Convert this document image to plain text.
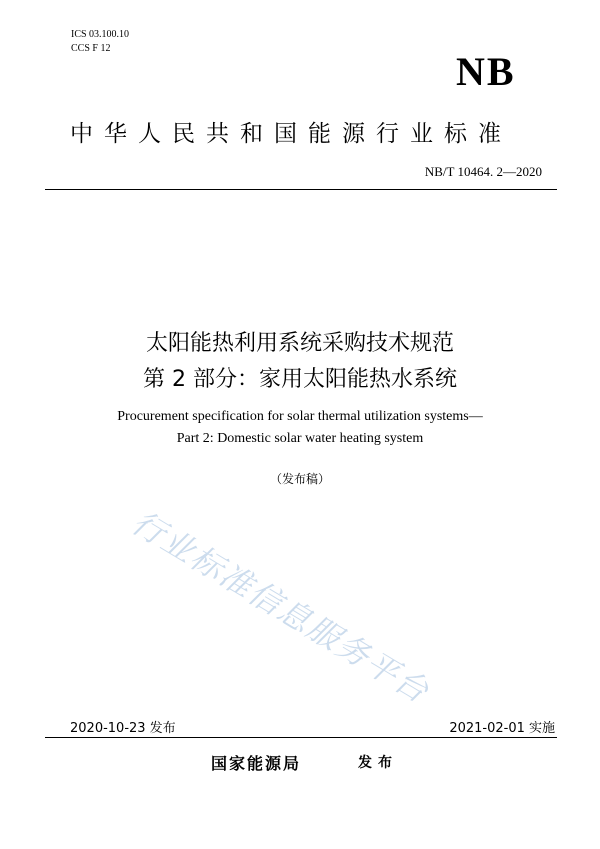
ICS 03.100.10
CCS F 12
NB
中华人民共和国能源行业标准
NB/T 10464. 2—2020
太阳能热利用系统采购技术规范
第 2 部分：家用太阳能热水系统
Procurement specification for solar thermal utilization systems—
Part 2: Domestic solar water heating system
（发布稿）
行业标准信息服务平台
2020-10-23 发布	2021-02-01 实施
国家能源局	发布
